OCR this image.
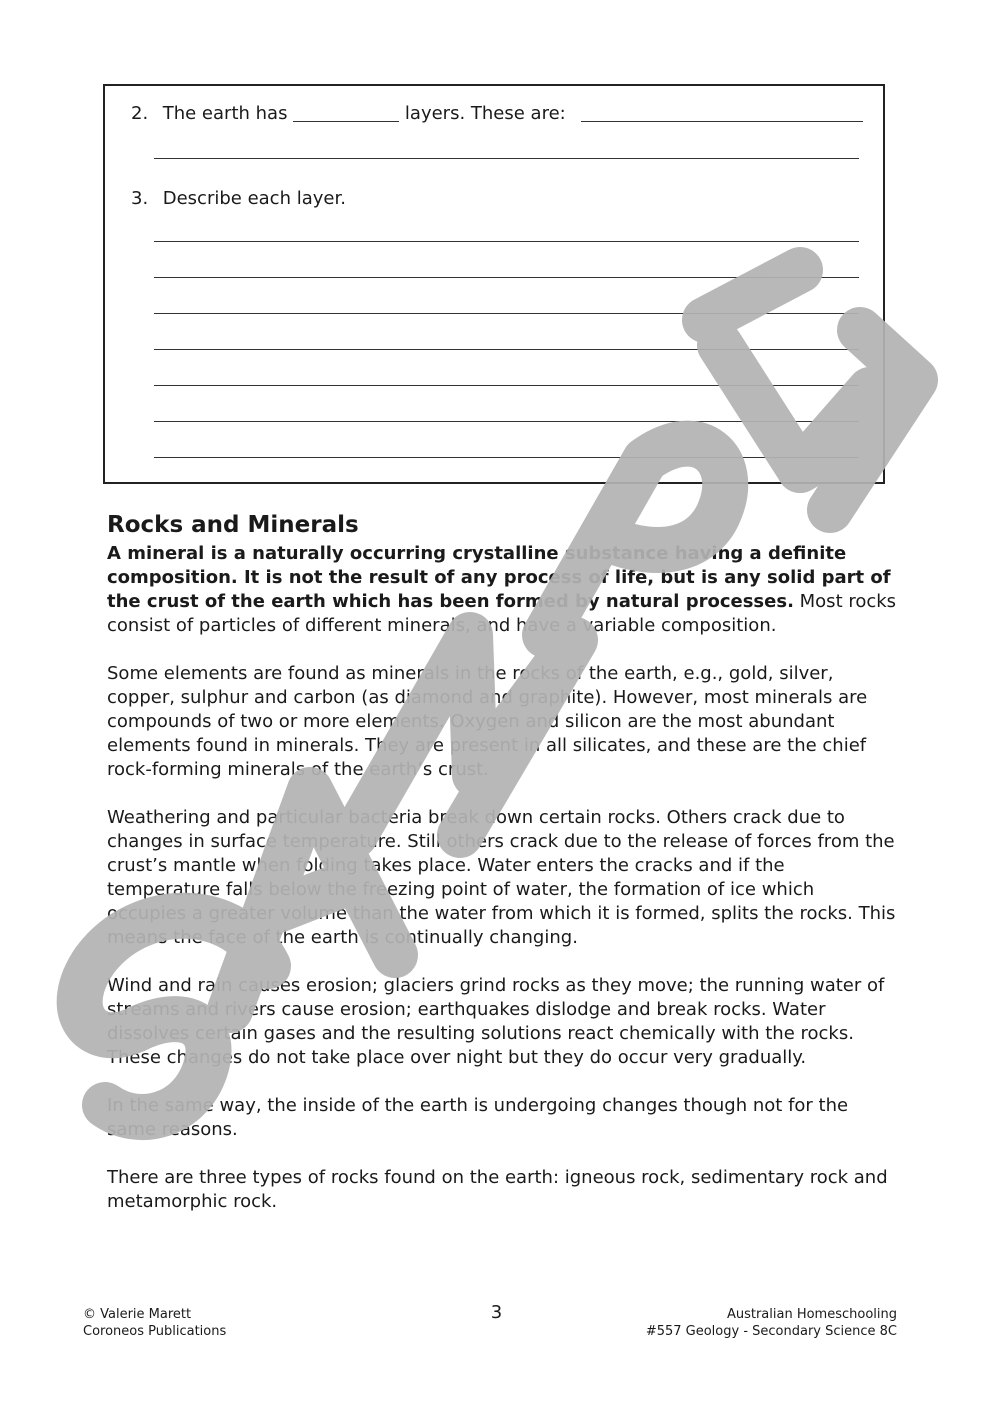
2. The earth has	layers. These are:
3. Describe each layer.
Rocks and Minerals

A mineral is a naturally occurring crystalline substance having a definite composition. It is not the result of any process of life, but is any solid part of the crust of the earth which has been formed by natural processes. Most rocks consist of particles of different minerals, and have a variable composition.

Some elements are found as minerals in the rocks of the earth, e.g., gold, silver, copper, sulphur and carbon (as diamond and graphite). However, most minerals are compounds of two or more elements. Oxygen and silicon are the most abundant elements found in minerals. They are present in all silicates, and these are the chief rock-forming minerals of the earth’s crust.

Weathering and particular bacteria break down certain rocks. Others crack due to changes in surface temperature. Still others crack due to the release of forces from the crust’s mantle when folding takes place. Water enters the cracks and if the temperature falls below the freezing point of water, the formation of ice which occupies a greater volume than the water from which it is formed, splits the rocks. This means the face of the earth is continually changing.

Wind and rain causes erosion; glaciers grind rocks as they move; the running water of streams and rivers cause erosion; earthquakes dislodge and break rocks. Water dissolves certain gases and the resulting solutions react chemically with the rocks. These changes do not take place over night but they do occur very gradually.

In the same way, the inside of the earth is undergoing changes though not for the same reasons.

There are three types of rocks found on the earth: igneous rock, sedimentary rock and metamorphic rock.

© Valerie Marett
Coroneos Publications
3	Australian Homeschooling
#557 Geology - Secondary Science 8C
